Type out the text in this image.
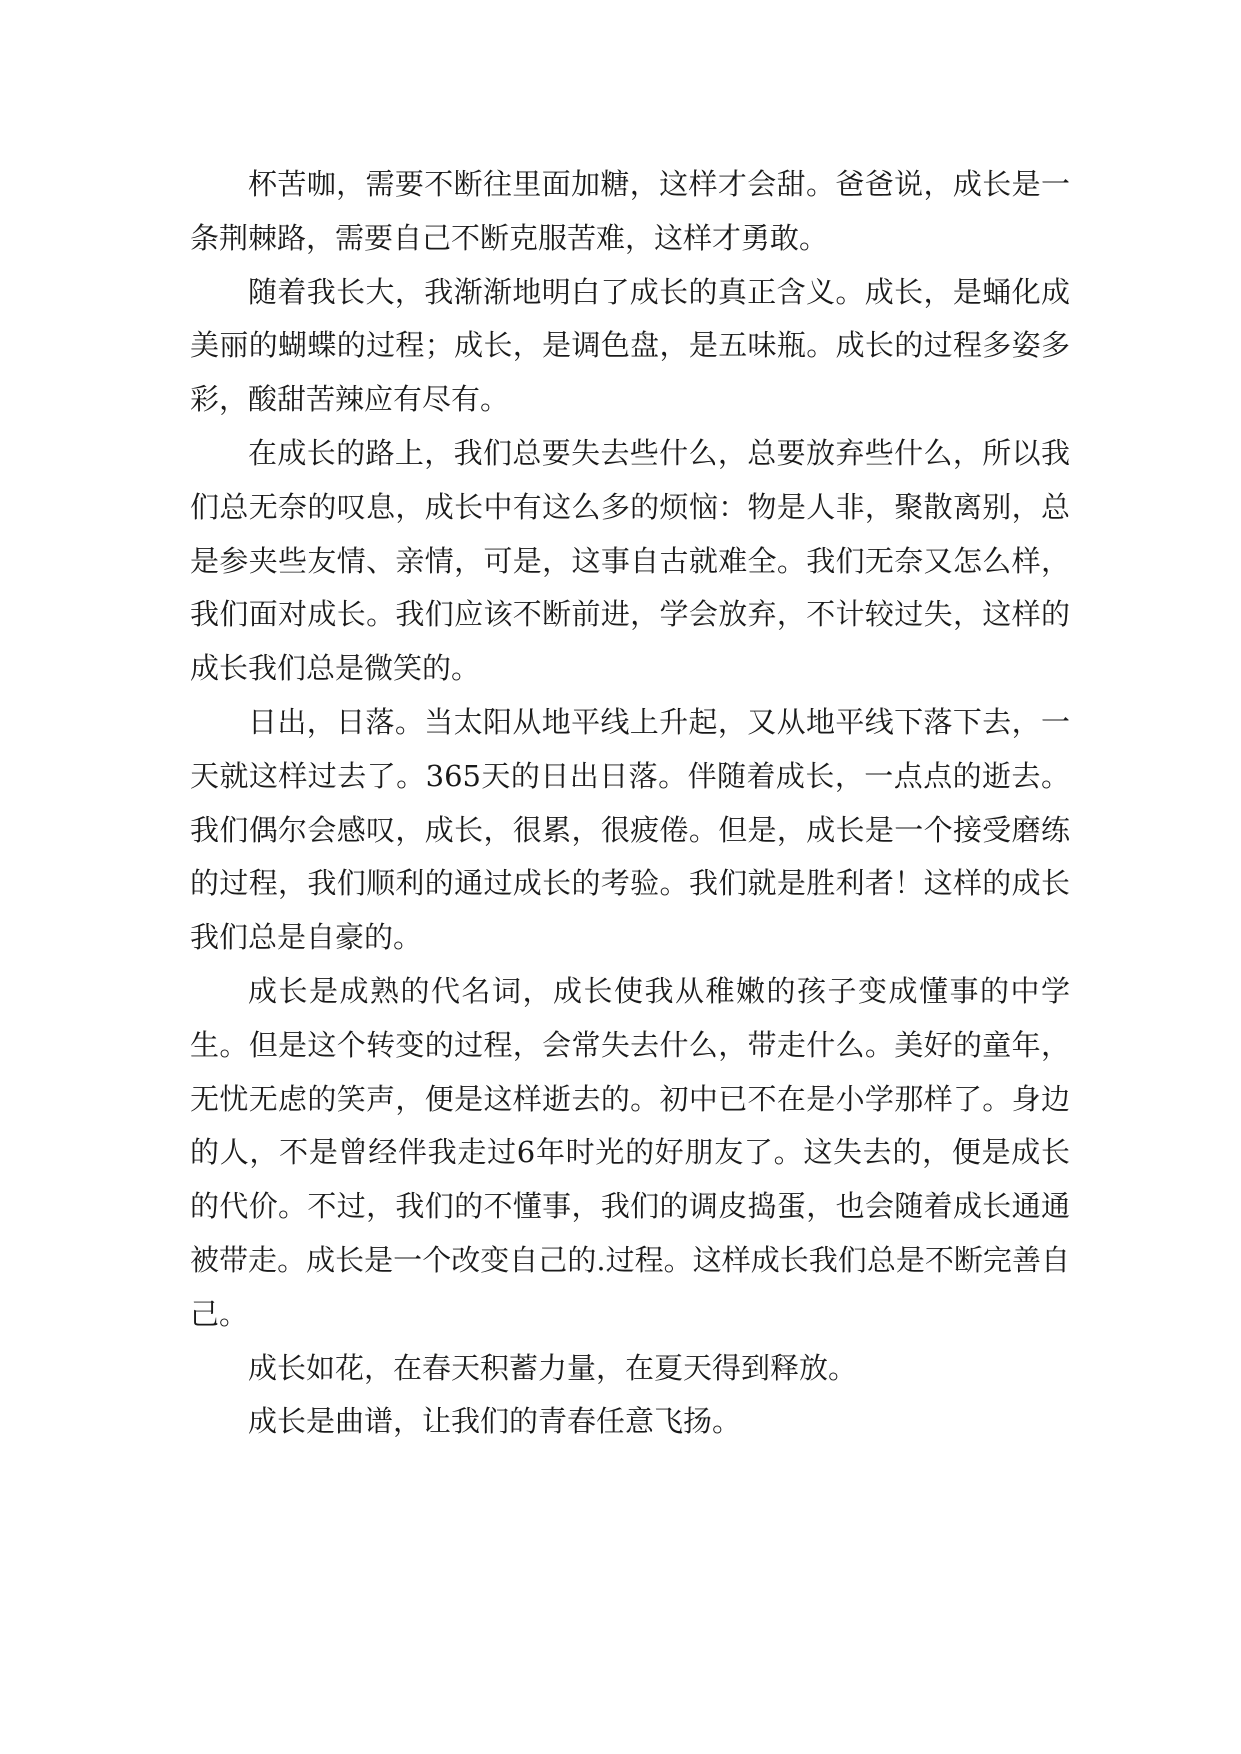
杯苦咖，需要不断往里面加糖，这样才会甜。爸爸说，成长是一条荆棘路，需要自己不断克服苦难，这样才勇敢。

随着我长大，我渐渐地明白了成长的真正含义。成长，是蛹化成美丽的蝴蝶的过程；成长，是调色盘，是五味瓶。成长的过程多姿多彩，酸甜苦辣应有尽有。

在成长的路上，我们总要失去些什么，总要放弃些什么，所以我们总无奈的叹息，成长中有这么多的烦恼：物是人非，聚散离别，总是参夹些友情、亲情，可是，这事自古就难全。我们无奈又怎么样，我们面对成长。我们应该不断前进，学会放弃，不计较过失，这样的成长我们总是微笑的。

日出，日落。当太阳从地平线上升起，又从地平线下落下去，一天就这样过去了。365天的日出日落。伴随着成长，一点点的逝去。我们偶尔会感叹，成长，很累，很疲倦。但是，成长是一个接受磨练的过程，我们顺利的通过成长的考验。我们就是胜利者！这样的成长我们总是自豪的。

成长是成熟的代名词，成长使我从稚嫩的孩子变成懂事的中学生。但是这个转变的过程，会常失去什么，带走什么。美好的童年，无忧无虑的笑声，便是这样逝去的。初中已不在是小学那样了。身边的人，不是曾经伴我走过6年时光的好朋友了。这失去的，便是成长的代价。不过，我们的不懂事，我们的调皮捣蛋，也会随着成长通通被带走。成长是一个改变自己的.过程。这样成长我们总是不断完善自己。

成长如花，在春天积蓄力量，在夏天得到释放。

成长是曲谱，让我们的青春任意飞扬。
